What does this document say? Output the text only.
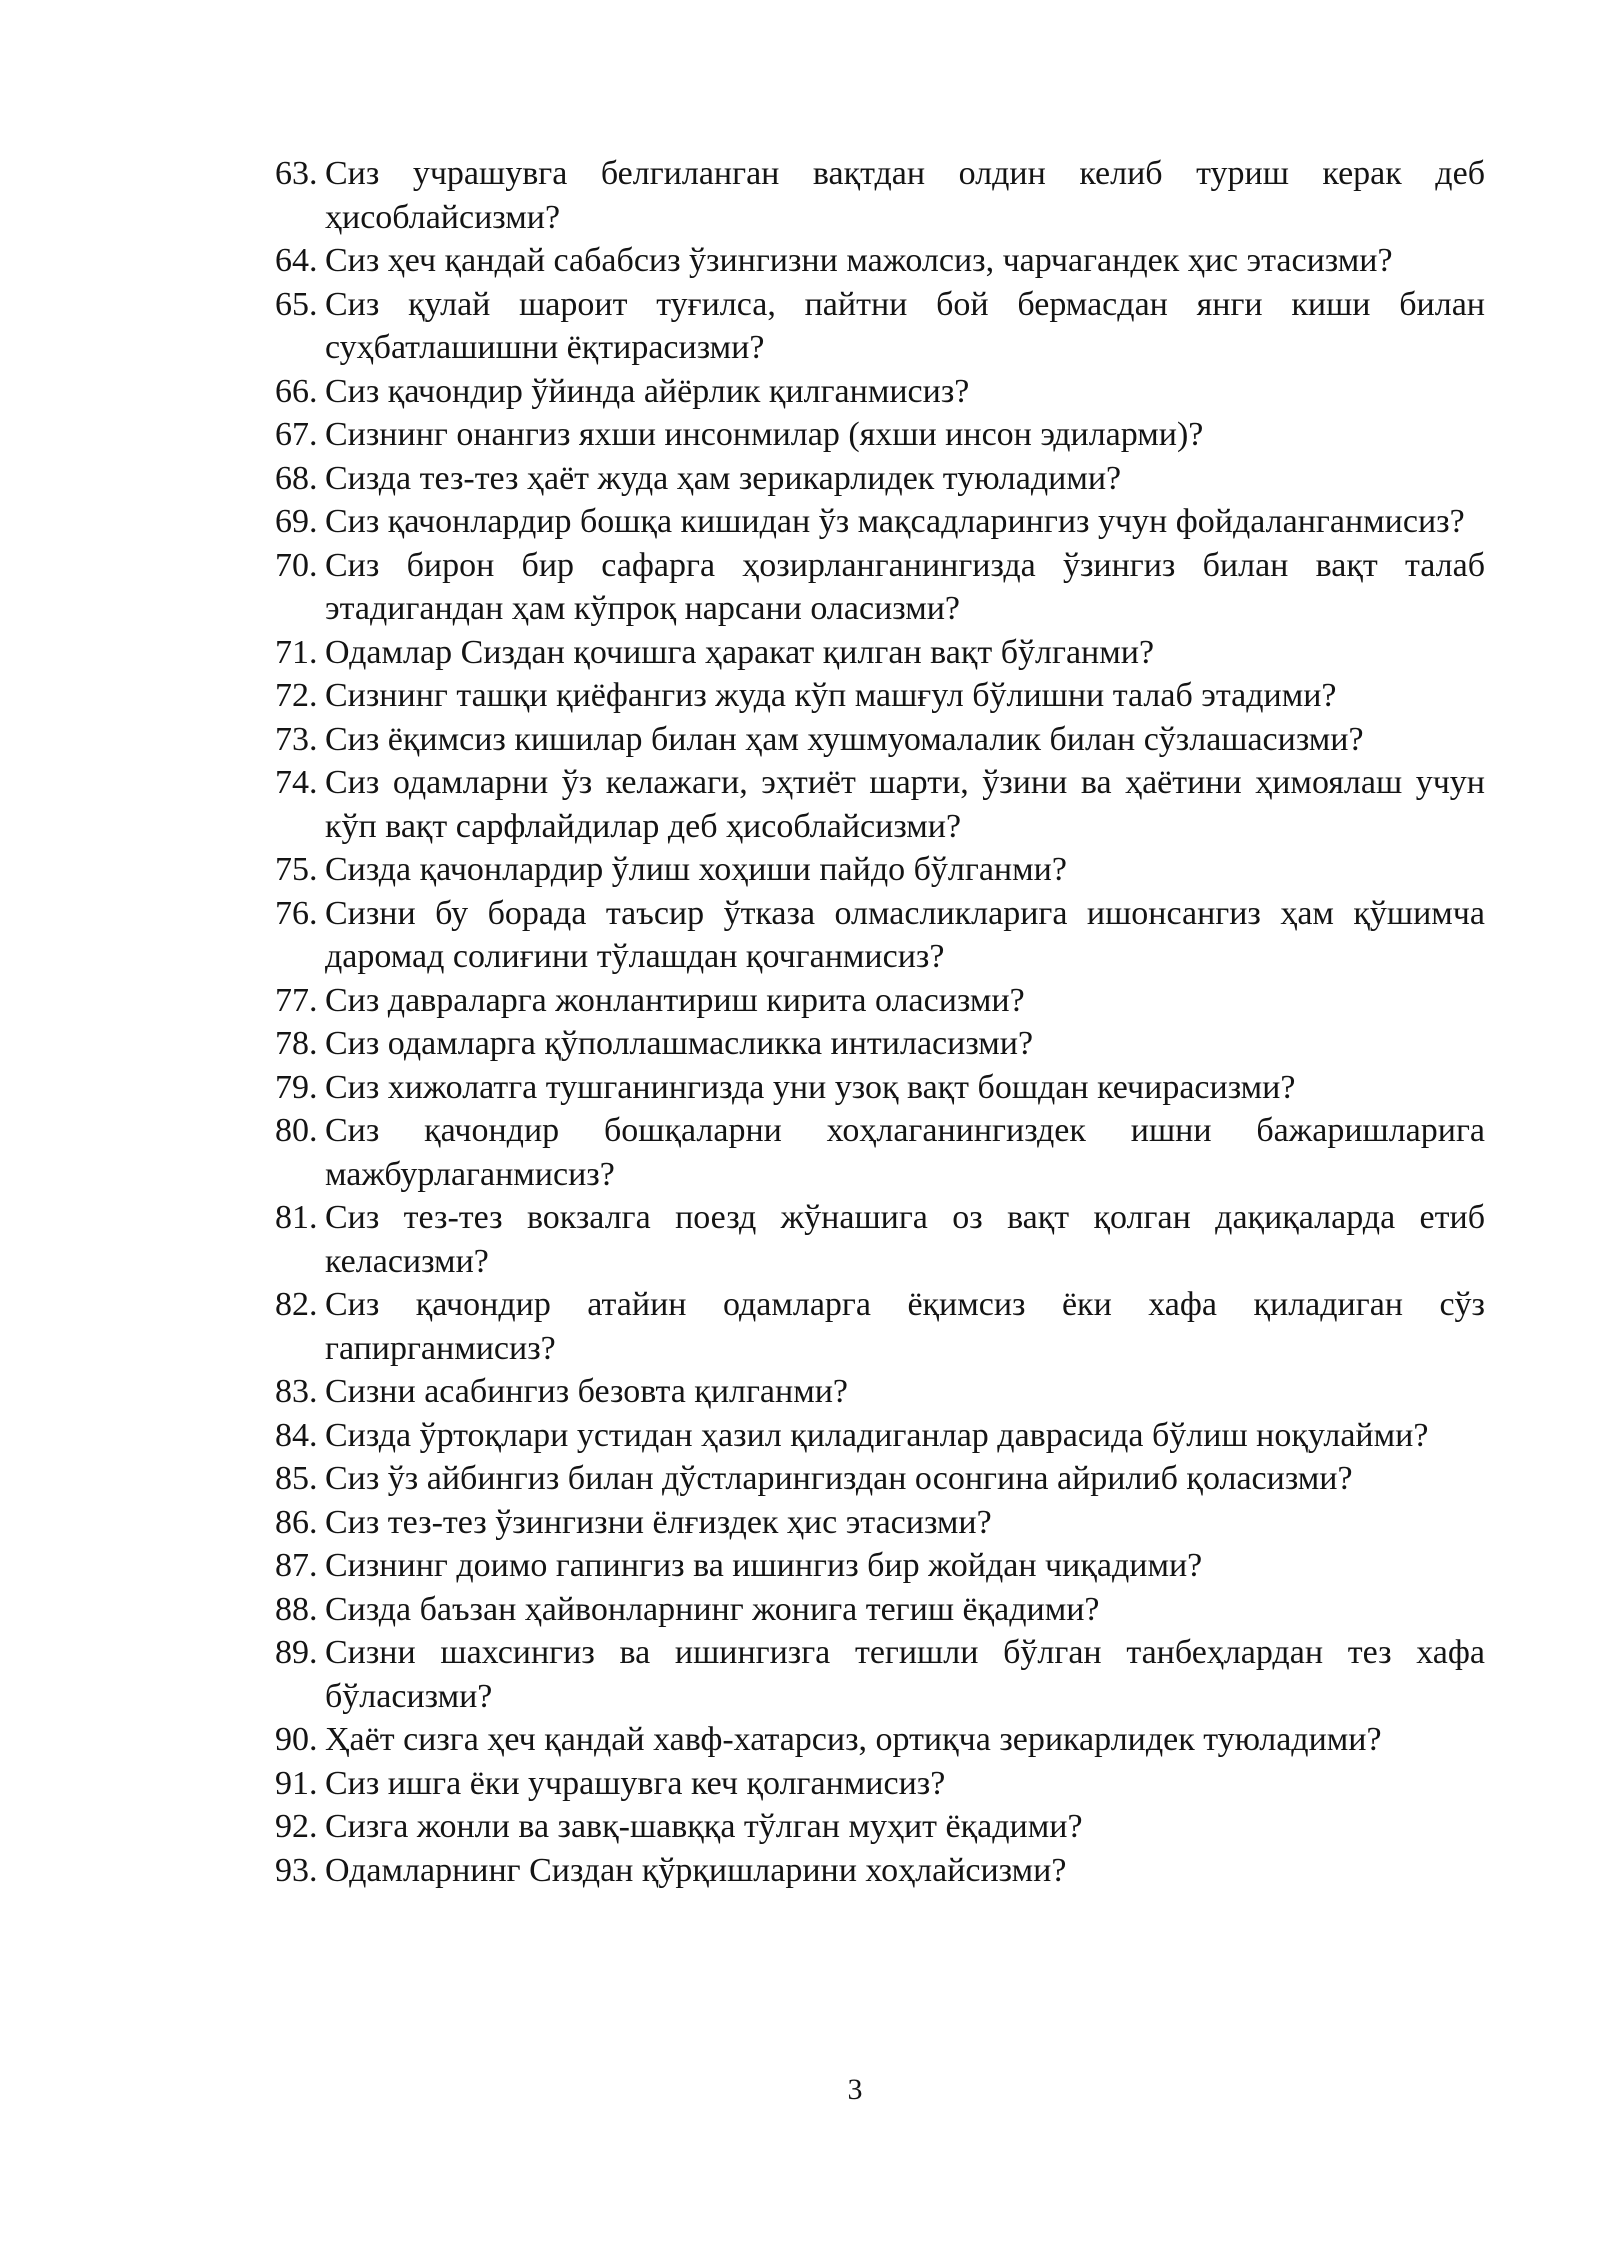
63. Сиз учрашувга белгиланган вақтдан олдин келиб туриш керак деб ҳисоблайсизми?
64. Сиз ҳеч қандай сабабсиз ўзингизни мажолсиз, чарчагандек ҳис этасизми?
65. Сиз қулай шароит туғилса, пайтни бой бермасдан янги киши билан суҳбатлашишни ёқтирасизми?
66. Сиз қачондир ўйинда айёрлик қилганмисиз?
67. Сизнинг онангиз яхши инсонмилар (яхши инсон эдиларми)?
68. Сизда тез-тез ҳаёт жуда ҳам зерикарлидек туюладими?
69. Сиз қачонлардир бошқа кишидан ўз мақсадларингиз учун фойдаланганмисиз?
70. Сиз бирон бир сафарга ҳозирланганингизда ўзингиз билан вақт талаб этадигандан ҳам кўпроқ нарсани оласизми?
71. Одамлар Сиздан қочишга ҳаракат қилган вақт бўлганми?
72. Сизнинг ташқи қиёфангиз жуда кўп машғул бўлишни талаб этадими?
73. Сиз ёқимсиз кишилар билан ҳам хушмуомалалик билан сўзлашасизми?
74. Сиз одамларни ўз келажаги, эҳтиёт шарти, ўзини ва ҳаётини ҳимоялаш учун кўп вақт сарфлайдилар деб ҳисоблайсизми?
75. Сизда қачонлардир ўлиш хоҳиши пайдо бўлганми?
76. Сизни бу борада таъсир ўтказа олмасликларига ишонсангиз ҳам қўшимча даромад солиғини тўлашдан қочганмисиз?
77. Сиз давраларга жонлантириш кирита оласизми?
78. Сиз одамларга қўполлашмасликка интиласизми?
79. Сиз хижолатга тушганингизда уни узоқ вақт бошдан кечирасизми?
80. Сиз қачондир бошқаларни хоҳлаганингиздек ишни бажаришларига мажбурлаганмисиз?
81. Сиз тез-тез вокзалга поезд жўнашига оз вақт қолган дақиқаларда етиб келасизми?
82. Сиз қачондир атайин одамларга ёқимсиз ёки хафа қиладиган сўз гапирганмисиз?
83. Сизни асабингиз безовта қилганми?
84. Сизда ўртоқлари устидан ҳазил қиладиганлар даврасида бўлиш ноқулайми?
85. Сиз ўз айбингиз билан дўстларингиздан осонгина айрилиб қоласизми?
86. Сиз тез-тез ўзингизни ёлғиздек ҳис этасизми?
87. Сизнинг доимо гапингиз ва ишингиз бир жойдан чиқадими?
88. Сизда баъзан ҳайвонларнинг жонига тегиш ёқадими?
89. Сизни шахсингиз ва ишингизга тегишли бўлган танбеҳлардан тез хафа бўласизми?
90. Ҳаёт сизга ҳеч қандай хавф-хатарсиз, ортиқча зерикарлидек туюладими?
91. Сиз ишга ёки учрашувга кеч қолганмисиз?
92. Сизга жонли ва завқ-шавққа тўлган муҳит ёқадими?
93. Одамларнинг Сиздан қўрқишларини хоҳлайсизми?
3
